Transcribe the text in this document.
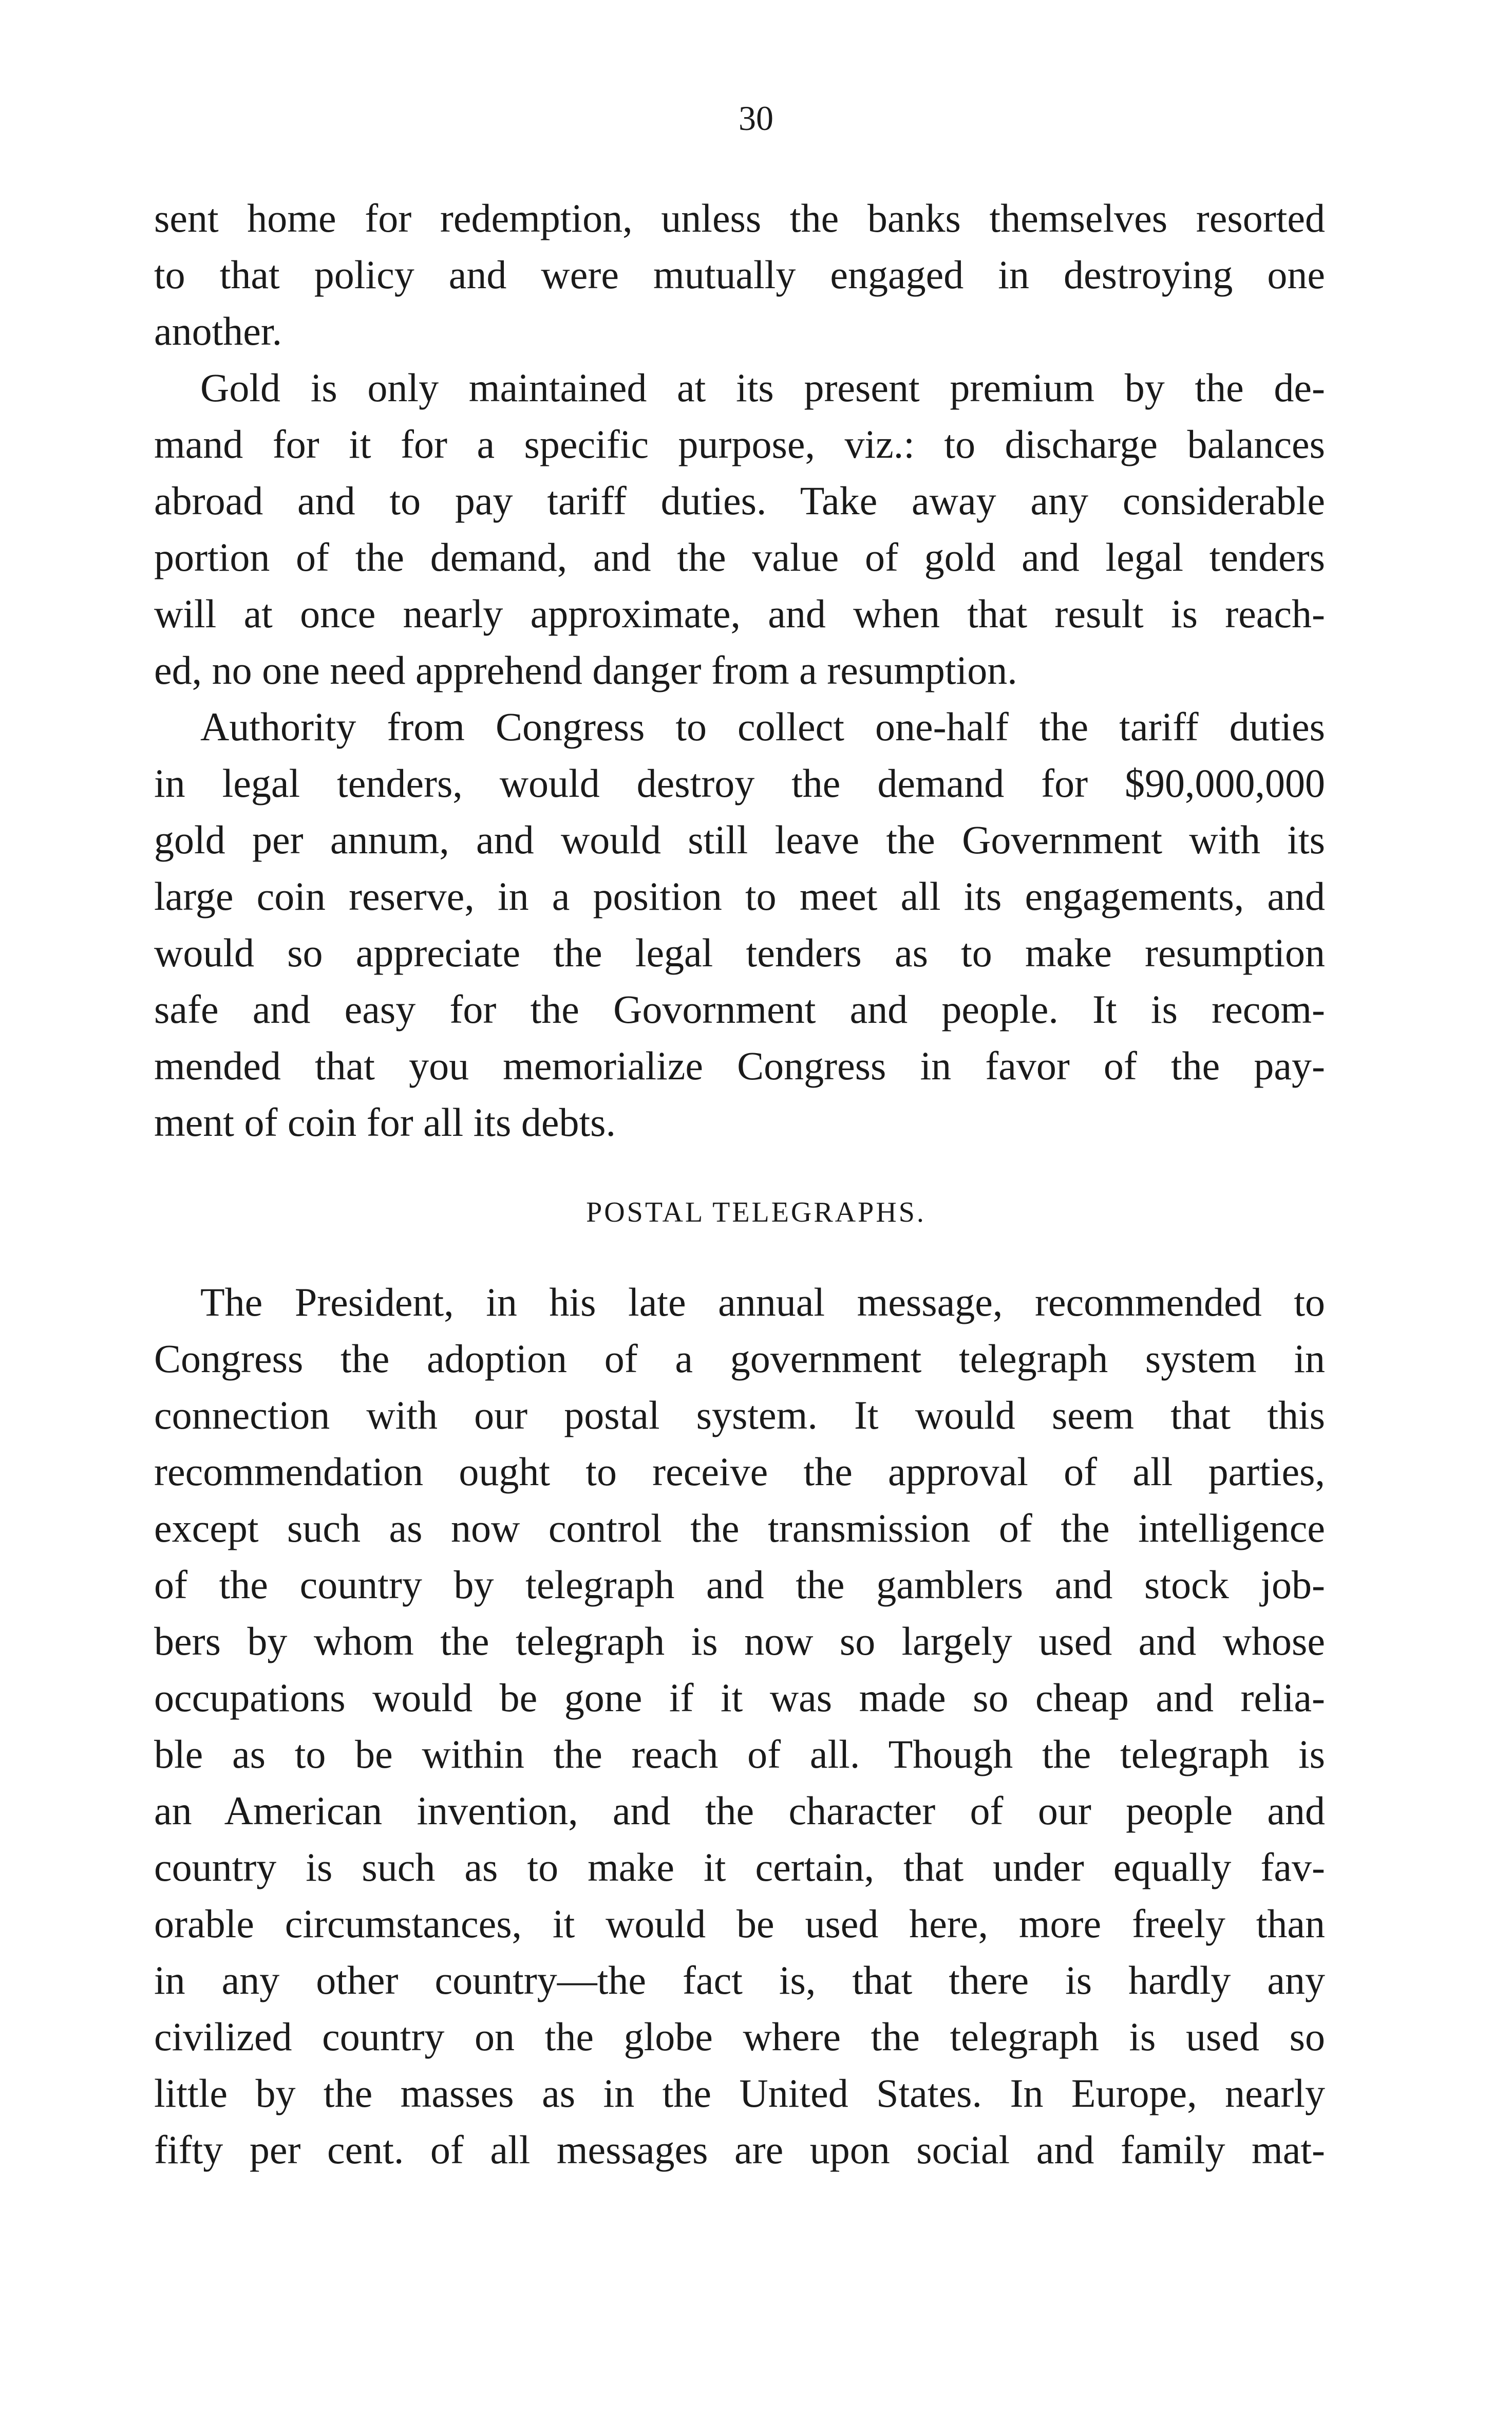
30
sent home for redemption, unless the banks themselves resorted
to that policy and were mutually engaged in destroying one
another.
Gold is only maintained at its present premium by the de-
mand for it for a specific purpose, viz.: to discharge balances
abroad and to pay tariff duties. Take away any considerable
portion of the demand, and the value of gold and legal tenders
will at once nearly approximate, and when that result is reach-
ed, no one need apprehend danger from a resumption.
Authority from Congress to collect one-half the tariff duties
in legal tenders, would destroy the demand for $90,000,000
gold per annum, and would still leave the Government with its
large coin reserve, in a position to meet all its engagements, and
would so appreciate the legal tenders as to make resumption
safe and easy for the Govornment and people. It is recom-
mended that you memorialize Congress in favor of the pay-
ment of coin for all its debts.
POSTAL TELEGRAPHS.
The President, in his late annual message, recommended to
Congress the adoption of a government telegraph system in
connection with our postal system. It would seem that this
recommendation ought to receive the approval of all parties,
except such as now control the transmission of the intelligence
of the country by telegraph and the gamblers and stock job-
bers by whom the telegraph is now so largely used and whose
occupations would be gone if it was made so cheap and relia-
ble as to be within the reach of all. Though the telegraph is
an American invention, and the character of our people and
country is such as to make it certain, that under equally fav-
orable circumstances, it would be used here, more freely than
in any other country—the fact is, that there is hardly any
civilized country on the globe where the telegraph is used so
little by the masses as in the United States. In Europe, nearly
fifty per cent. of all messages are upon social and family mat-
